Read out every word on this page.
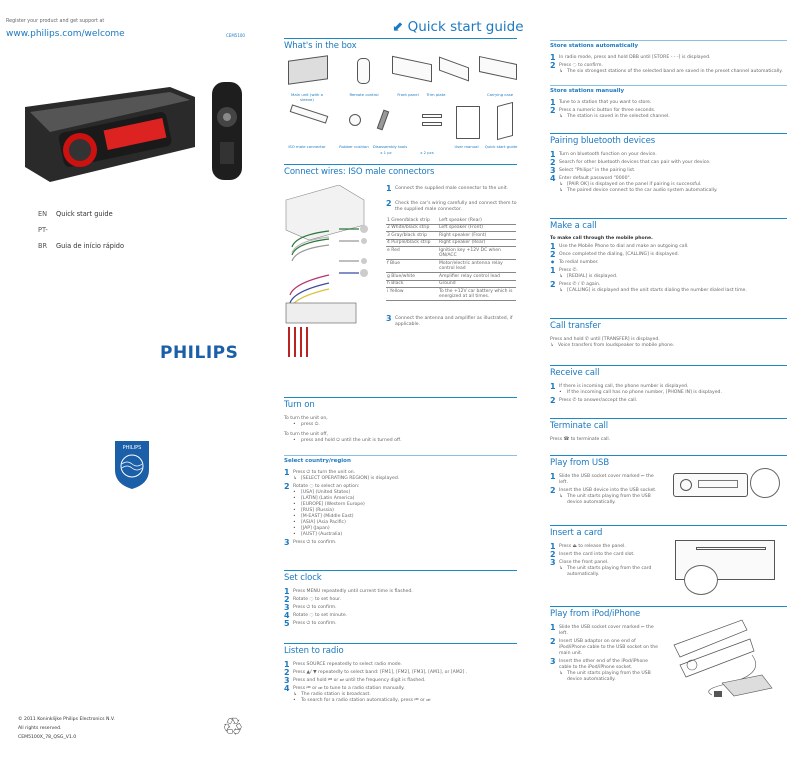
Register your product and get support at
www.philips.com/welcome	CEM5100
EN Quick start guide
PT-BR Guia de início rápido
PHILIPS
PHILIPS
© 2011 Koninklijke Philips Electronics N.V.
All rights reserved.
CEM5100X_78_QSG_V1.0	♲
⬋ Quick start guide
What's in the box
Main unit (with a sleeve)
Remote control	Front panel	Trim plate	Carrying case
ISO male connector	Rubber cushion	Disassembly tools
x 1 pc	x 2 pcs
User manual	Quick start guide
Connect wires: ISO male connectors
1 Connect the supplied male connector to the unit.
2 Check the car's wiring carefully and connect them to the supplied male connector.
1 Green/black strip	Left speaker (Rear)
2 White/black strip	Left speaker (Front)
3 Gray/black strip	Right speaker (Front)
4 Purple/black strip	Right speaker (Rear)
e Red	Ignition key +12V DC when ON/ACC
f Blue	Motor/electric antenna relay control lead
g Blue/white	Amplifier relay control lead
h Black	Ground
i Yellow	To the +12V car battery which is energized at all times.
3 Connect the antenna and amplifier as illustrated, if applicable.
Turn on
To turn the unit on,
•	press ⏻.
To turn the unit off,
•	press and hold ⏻ until the unit is turned off.
Select country/region
1 Press ⏻ to turn the unit on.
↳ [SELECT OPERATING REGION] is displayed.
2 Rotate ◌ to select an option:
•	[USA] (United States)
•	[LATIN] (Latin America)
•	[EUROPE] (Western Europe)
•	[RUS] (Russia)
•	[M-EAST] (Middle East)
•	[ASIA] (Asia Pacific)
•	[JAP] (Japan)
•	[AUST] (Australia)
3 Press ⏻ to confirm.
Set clock
1 Press MENU repeatedly until current time is flashed.
2 Rotate ◌ to set hour.
3 Press ⏻ to confirm.
4 Rotate ◌ to set minute.
5 Press ⏻ to confirm.
Listen to radio
1 Press SOURCE repeatedly to select radio mode.
2 Press ▲/ ▼ repeatedly to select band: [FM1], [FM2], [FM3], [AM1], or [AM2] .
3 Press and hold ⏮ or ⏭ until the frequency digit is flashed.
4 Press ⏮ or ⏭ to tune to a radio station manually.
↳ The radio station is broadcast.
•	To search for a radio station automatically, press ⏮ or ⏭
Store stations automatically
1 In radio mode, press and hold DBB until [STORE - - -] is displayed.
2 Press ◌ to confirm.
↳ The six strongest stations of the selected band are saved in the preset channel automatically.
Store stations manually
1 Tune to a station that you want to store.
2 Press a numeric button for three seconds.
↳ The station is saved in the selected channel.
Pairing bluetooth devices
1 Turn on bluetooth function on your device.
2 Search for other bluetooth devices that can pair with your device.
3 Select "Philips" in the pairing list.
4 Enter default password "0000".
↳ [PAIR OK] is displayed on the panel if pairing is successful.
↳ The paired device connect to the car audio system automatically.
Make a call
To make call through the mobile phone.
1 Use the Mobile Phone to dial and make an outgoing call.
2 Once completed the dialing, [CALLING] is displayed.
• To redial number.
1 Press ✆.
↳ [REDIAL] is displayed.
2 Press ✆ / ✆ again.
↳ [CALLING] is displayed and the unit starts dialing the number dialed last time.
Call transfer
Press and hold ✆ until [TRANSFER] is displayed.
↳ Voice transfers from loudspeaker to mobile phone.
Receive call
1 If there is incoming call, the phone number is displayed.
•	If the incoming call has no phone number, [PHONE IN] is displayed.
2 Press ✆ to answer/accept the call.
Terminate call
Press ☎ to terminate call.
Play from USB
1 Slide the USB socket cover marked ⭠ the left.
2 Insert the USB device into the USB socket.
↳ The unit starts playing from the USB device automatically.
Insert a card
1 Press ⏏ to release the panel.
2 Insert the card into the card slot.
3 Close the front panel.
↳ The unit starts playing from the card automatically.
Play from iPod/iPhone
1 Slide the USB socket cover marked ⭠ the left.
2 Insert USB adaptor on one end of iPod/iPhone cable to the USB socket on the main unit.
3 Insert the other end of the iPod/iPhone cable to the iPod/iPhone socket.
↳ The unit starts playing from the USB device automatically.
